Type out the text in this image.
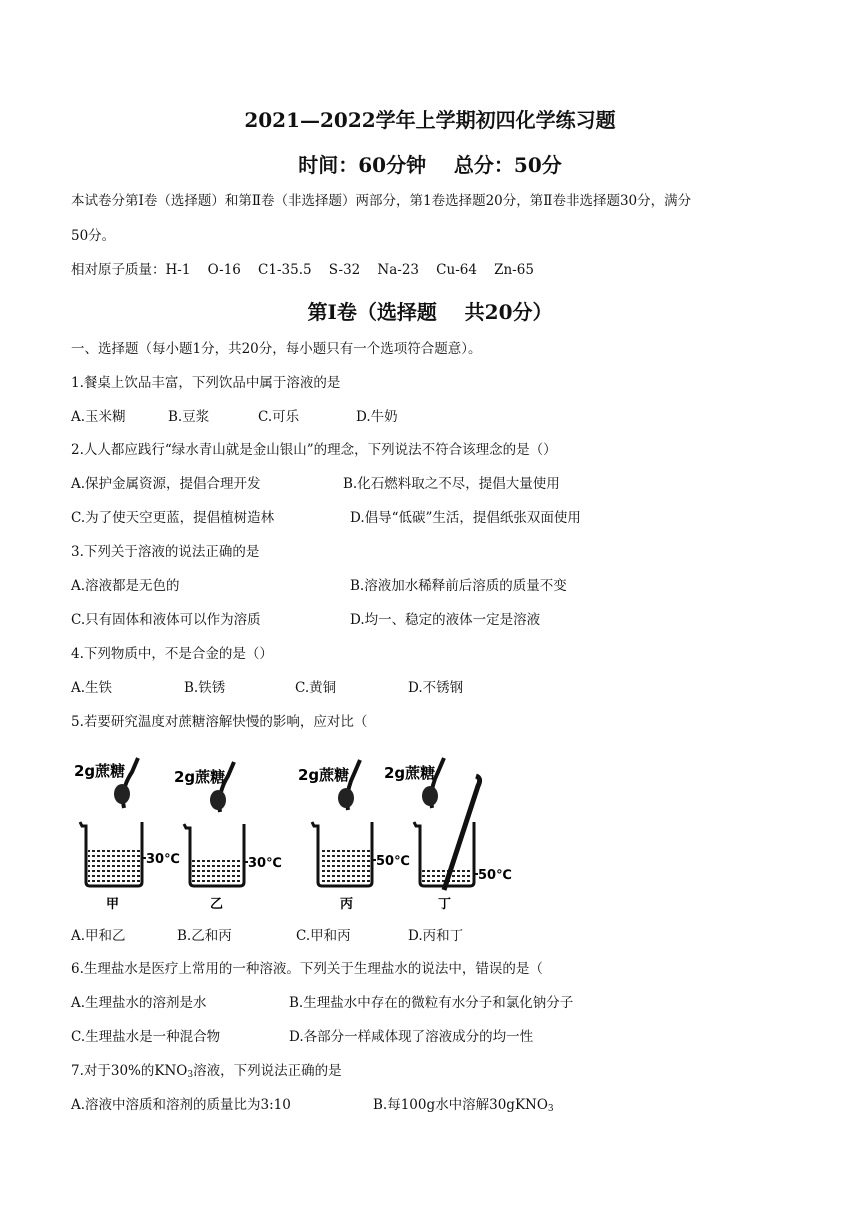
2021—2022学年上学期初四化学练习题
时间：60分钟    总分：50分
本试卷分第Ⅰ卷（选择题）和第Ⅱ卷（非选择题）两部分，第1卷选择题20分，第Ⅱ卷非选择题30分，满分
50分。
相对原子质量：H-1    O-16    C1-35.5    S-32    Na-23    Cu-64    Zn-65
第Ⅰ卷（选择题    共20分）
一、选择题（每小题1分，共20分，每小题只有一个选项符合题意）。
1.餐桌上饮品丰富，下列饮品中属于溶液的是
A.玉米糊	B.豆浆	C.可乐	D.牛奶
2.人人都应践行“绿水青山就是金山银山”的理念，下列说法不符合该理念的是（）
A.保护金属资源，提倡合理开发	B.化石燃料取之不尽，提倡大量使用
C.为了使天空更蓝，提倡植树造林	D.倡导“低碳”生活，提倡纸张双面使用
3.下列关于溶液的说法正确的是
A.溶液都是无色的	B.溶液加水稀释前后溶质的质量不变
C.只有固体和液体可以作为溶质	D.均一、稳定的液体一定是溶液
4.下列物质中，不是合金的是（）
A.生铁	B.铁锈	C.黄铜	D.不锈钢
5.若要研究温度对蔗糖溶解快慢的影响，应对比（
2g蔗糖
30℃
甲
2g蔗糖
30℃
乙
2g蔗糖
50℃
丙
2g蔗糖
50℃
丁
A.甲和乙	B.乙和丙	C.甲和丙	D.丙和丁
6.生理盐水是医疗上常用的一种溶液。下列关于生理盐水的说法中，错误的是（
A.生理盐水的溶剂是水	B.生理盐水中存在的微粒有水分子和氯化钠分子
C.生理盐水是一种混合物	D.各部分一样咸体现了溶液成分的均一性
7.对于30%的$KNO_3$溶液，下列说法正确的是
A.溶液中溶质和溶剂的质量比为3:10	B.每100g水中溶解30gKNO$_3$
